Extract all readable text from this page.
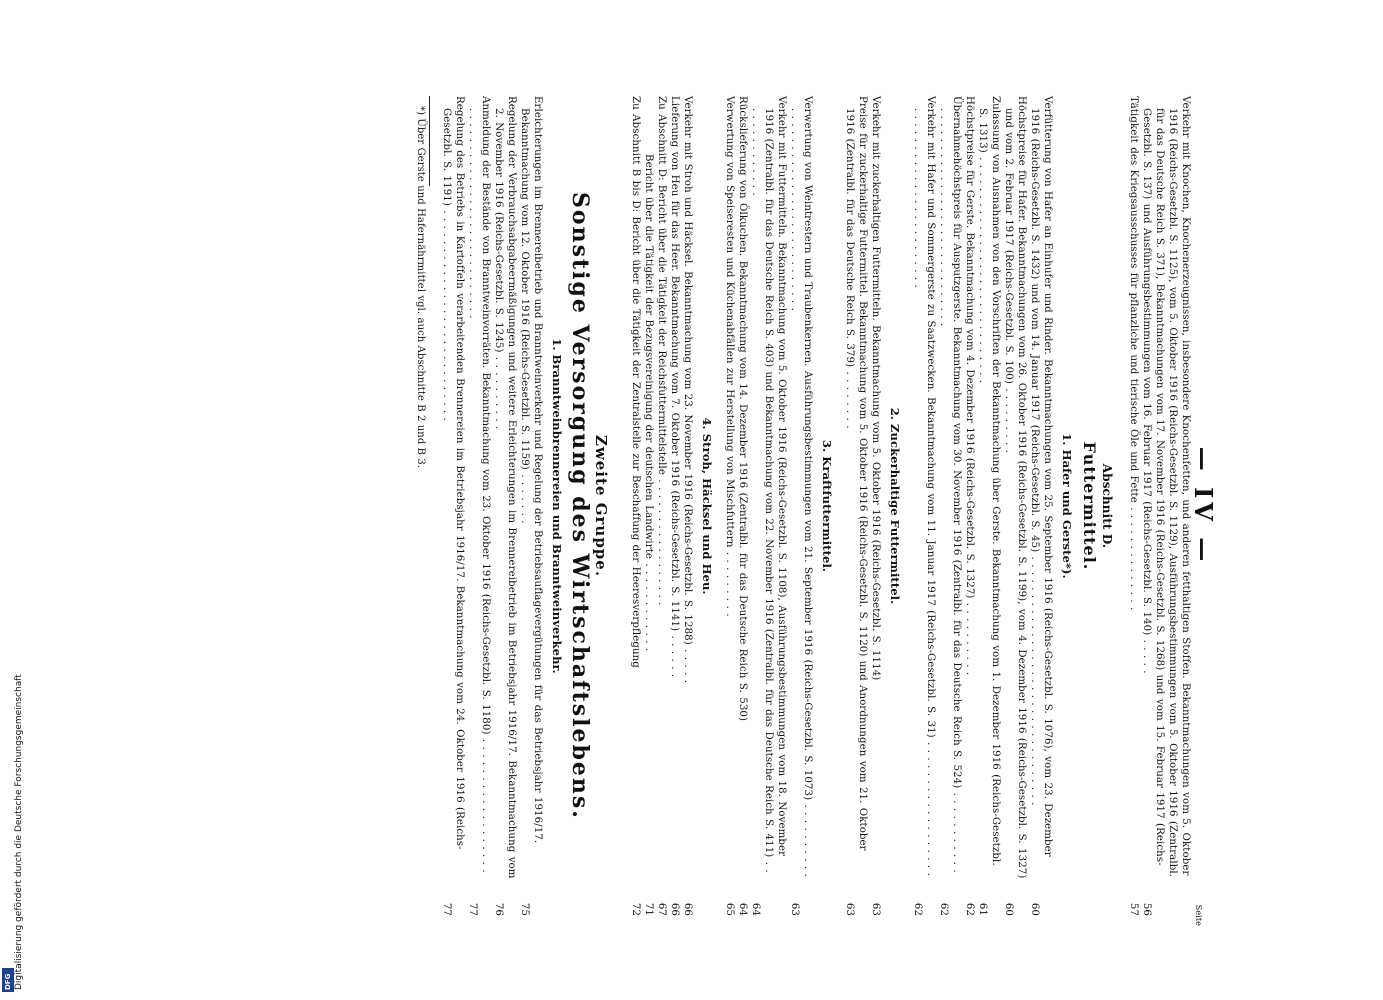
— IV —
Seite

Verkehr mit Knochen, Knochenerzeugnissen, insbesondere Knochenfetten, und anderen fetthaltigen Stoffen. Bekanntmachungen vom 5. Oktober 1916 (Reichs-Gesetzbl. S. 1125), vom 5. Oktober 1916 (Reichs-Gesetzbl. S. 1129), Ausführungsbestimmungen vom 5. Oktober 1916 (Zentralbl. für das Deutsche Reich S. 371), Bekanntmachungen vom 17. November 1916 (Reichs-Gesetzbl. S. 1268) und vom 15. Februar 1917 (Reichs-Gesetzbl. S. 137) und Ausführungsbestimmungen vom 16. Februar 1917 (Reichs-Gesetzbl. S. 140) . . . . .
56

Tätigkeit des Kriegsausschusses für pflanzliche und tierische Öle und Fette . . . . . . . . . . . . . .
57

Abschnitt D.
Futtermittel.
1. Hafer und Gerste*).

Verfütterung von Hafer an Einhufer und Rinder. Bekanntmachungen vom 25. September 1916 (Reichs-Gesetzbl. S. 1076), vom 23. Dezember 1916 (Reichs-Gesetzbl. S. 1432) und vom 14. Januar 1917 (Reichs-Gesetzbl. S. 45) . . . . . . . . . . . . . . . . . . . . . . . . . . . . . . . . .
60

Höchstpreise für Hafer. Bekanntmachungen vom 26. Oktober 1916 (Reichs-Gesetzbl. S. 1199), vom 4. Dezember 1916 (Reichs-Gesetzbl. S. 1327) und vom 2. Februar 1917 (Reichs-Gesetzbl. S. 100) . . . . . . . . .
60

Zulassung von Ausnahmen von den Vorschriften der Bekanntmachung über Gerste. Bekanntmachung vom 1. Dezember 1916 (Reichs-Gesetzbl. S. 1313) . . . . . . . . . . . . . . . . . . . . . . . . . . . . . .
61

Höchstpreise für Gerste. Bekanntmachung vom 4. Dezember 1916 (Reichs-Gesetzbl. S. 1327) . . . . . . . . . .
62

Übernahmehöchstpreis für Ausputzgerste. Bekanntmachung vom 30. November 1916 (Zentralbl. für das Deutsche Reich S. 524) . . . . . . . . . . . . . . . . . . . . . . . . . . . . . . . . . . . . . . . .
62

Verkehr mit Hafer und Sommergerste zu Saatzwecken. Bekanntmachung vom 11. Januar 1917 (Reichs-Gesetzbl. S. 31) . . . . . . . . . . . . . . . . . . . . . . . . . . . . . . . . . . . . . . . . . .
62

2. Zuckerhaltige Futtermittel.

Verkehr mit zuckerhaltigen Futtermitteln. Bekanntmachung vom 5. Oktober 1916 (Reichs-Gesetzbl. S. 1114)
63

Preise für zuckerhaltige Futtermittel. Bekanntmachung vom 5. Oktober 1916 (Reichs-Gesetzbl. S. 1120) und Anordnungen vom 21. Oktober 1916 (Zentralbl. für das Deutsche Reich S. 379) . . . . . . . .
63

3. Kraftfuttermittel.

Verwertung von Weintrestern und Traubenkernen. Ausführungsbestimmungen vom 21. September 1916 (Reichs-Gesetzbl. S. 1073) . . . . . . . . . . . . . . . . . . . . . . . . . . . . . . . . . . . . .
63

Verkehr mit Futtermitteln. Bekanntmachung vom 5. Oktober 1916 (Reichs-Gesetzbl. S. 1108), Ausführungsbestimmungen vom 18. November 1916 (Zentralbl. für das Deutsche Reich S. 403) und Bekanntmachung vom 22. November 1916 (Zentralbl. für das Deutsche Reich S. 411) . . . . . . . . . . . . . .
64

Rückslieferung von Ölkuchen. Bekanntmachung vom 14. Dezember 1916 (Zentralbl. für das Deutsche Reich S. 530)
64

Verwertung von Speiseresten und Küchenabfällen zur Herstellung von Mischfuttern . . . . . . . . .
65

4. Stroh, Häcksel und Heu.

Verkehr mit Stroh und Häcksel. Bekanntmachung vom 23. November 1916 (Reichs-Gesetzbl. S. 1288) . . . . .
66

Lieferung von Heu für das Heer. Bekanntmachung vom 7. Oktober 1916 (Reichs-Gesetzbl. S. 1141) . . . . . .
66

Zu Abschnitt D: Bericht über die Tätigkeit der Reichsfuttermittelstelle . . . . . . . . . . . . . . . . .
67

Bericht über die Tätigkeit der Bezugsvereinigung der deutschen Landwirte . . . . . . . . . . . .
71

Zu Abschnitt B bis D: Bericht über die Tätigkeit der Zentralstelle zur Beschaffung der Heeresverpflegung
72

Zweite Gruppe.
Sonstige Versorgung des Wirtschaftslebens.
1. Branntweinbrennereien und Branntweinverkehr.

Erleichterungen im Brennereibetrieb und Branntweinverkehr und Regelung der Betriebsauflagevergütungen für das Betriebsjahr 1916/17. Bekanntmachung vom 12. Oktober 1916 (Reichs-Gesetzbl. S. 1159) . . . . . . .
75

Regelung der Verbrauchsabgabeermäßigungen und weitere Erleichterungen im Brennereibetrieb im Betriebsjahr 1916/17. Bekanntmachung vom 2. November 1916 (Reichs-Gesetzbl. S. 1245) . . . . . . . . . .
76

Anmeldung der Bestände von Branntweinvorräten. Bekanntmachung vom 23. Oktober 1916 (Reichs-Gesetzbl. S. 1180) . . . . . . . . . . . . . . . . . . . . . . . . . . . . . . . . . . . . . . . . . . . . . .
77

Regelung des Betriebs in Kartoffeln verarbeitenden Brennereien im Betriebsjahr 1916/17. Bekanntmachung vom 24. Oktober 1916 (Reichs-Gesetzbl. S. 1191) . . . . . . . . . . . . . . . . . . . . . . . . . . . .
77

*) Über Gerste und Hafernährmittel vgl. auch Abschnitte B 2 und B 3.
Digitalisierung gefördert durch die Deutsche Forschungsgemeinschaft
DFG
